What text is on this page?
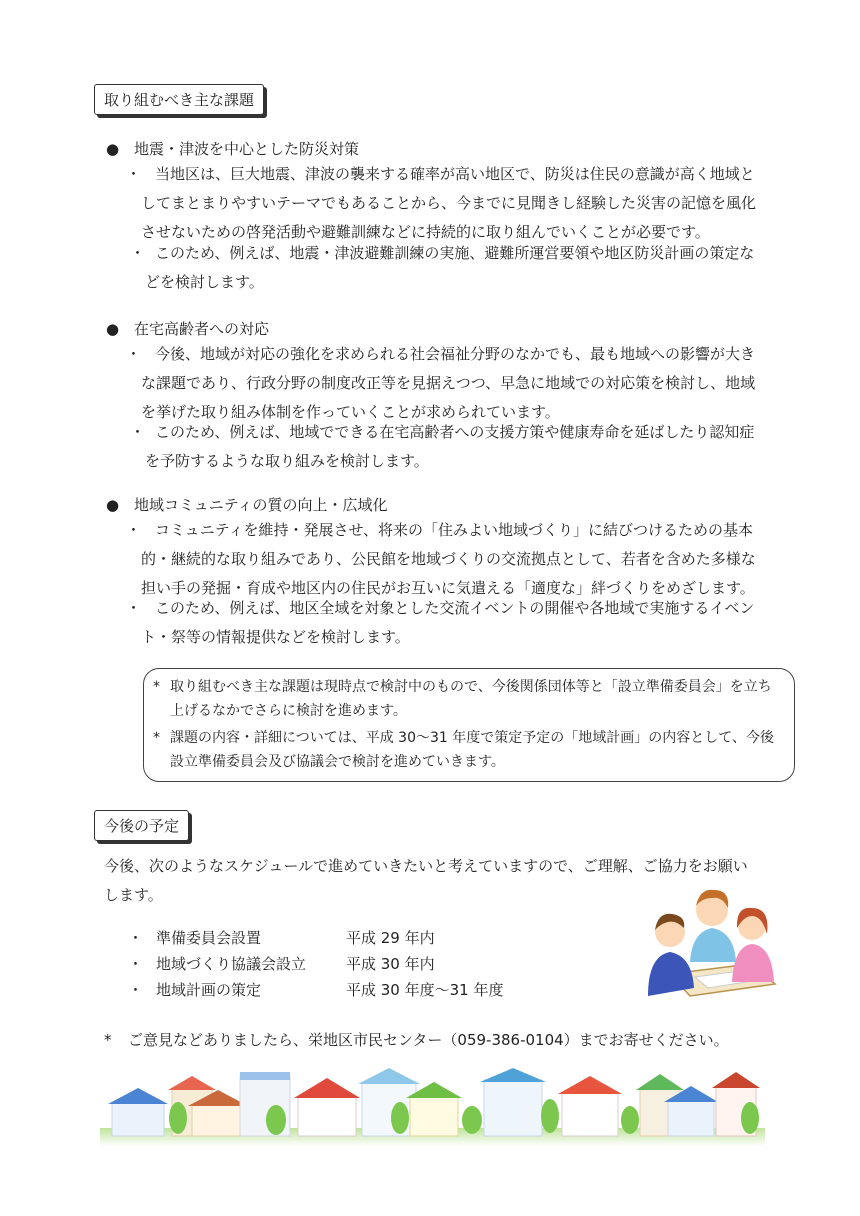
取り組むべき主な課題
● 地震・津波を中心とした防災対策
・ 当地区は、巨大地震、津波の襲来する確率が高い地区で、防災は住民の意識が高く地域と
してまとまりやすいテーマでもあることから、今までに見聞きし経験した災害の記憶を風化
させないための啓発活動や避難訓練などに持続的に取り組んでいくことが必要です。
・ このため、例えば、地震・津波避難訓練の実施、避難所運営要領や地区防災計画の策定な
どを検討します。
● 在宅高齢者への対応
・ 今後、地域が対応の強化を求められる社会福祉分野のなかでも、最も地域への影響が大き
な課題であり、行政分野の制度改正等を見据えつつ、早急に地域での対応策を検討し、地域
を挙げた取り組み体制を作っていくことが求められています。
・ このため、例えば、地域でできる在宅高齢者への支援方策や健康寿命を延ばしたり認知症
を予防するような取り組みを検討します。
● 地域コミュニティの質の向上・広域化
・ コミュニティを維持・発展させ、将来の「住みよい地域づくり」に結びつけるための基本
的・継続的な取り組みであり、公民館を地域づくりの交流拠点として、若者を含めた多様な
担い手の発掘・育成や地区内の住民がお互いに気遣える「適度な」絆づくりをめざします。
・ このため、例えば、地区全域を対象とした交流イベントの開催や各地域で実施するイベン
ト・祭等の情報提供などを検討します。
* 取り組むべき主な課題は現時点で検討中のもので、今後関係団体等と「設立準備委員会」を立ち
上げるなかでさらに検討を進めます。
* 課題の内容・詳細については、平成 30～31 年度で策定予定の「地域計画」の内容として、今後
設立準備委員会及び協議会で検討を進めていきます。
今後の予定
今後、次のようなスケジュールで進めていきたいと考えていますので、ご理解、ご協力をお願い
します。
・ 準備委員会設置	平成 29 年内
・ 地域づくり協議会設立	平成 30 年内
・ 地域計画の策定	平成 30 年度～31 年度
* ご意見などありましたら、栄地区市民センター（059-386-0104）までお寄せください。
